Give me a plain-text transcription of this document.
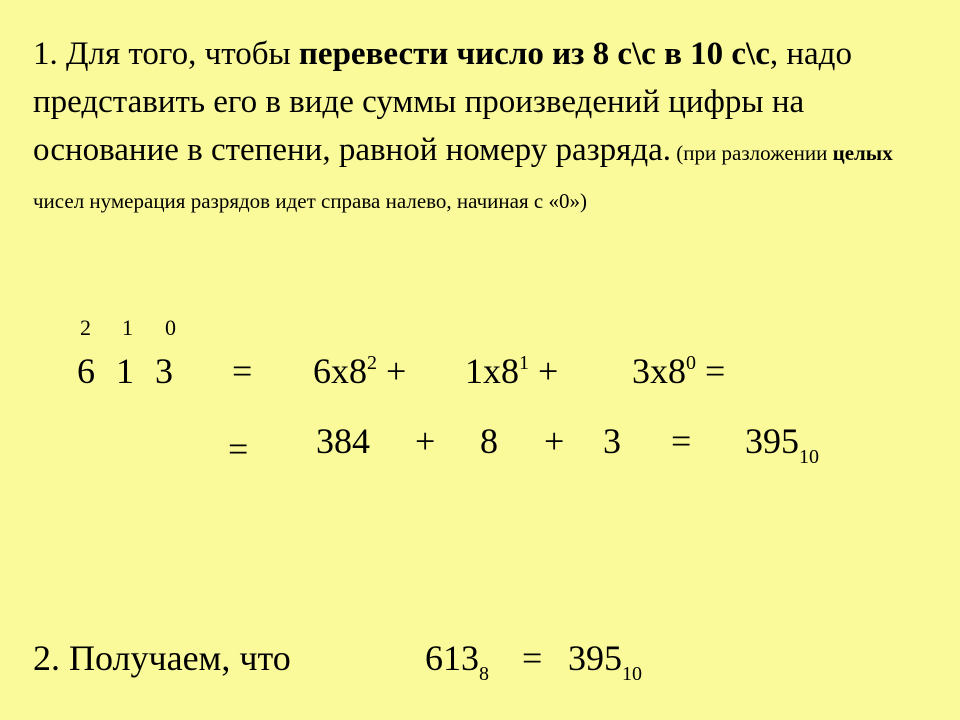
1. Для того, чтобы перевести число из 8 с\с в 10 с\с, надо представить его в виде суммы произведений цифры на основание в степени, равной номеру разряда. (при разложении целых чисел нумерация разрядов идет справа налево, начиная с «0»)
2 1 0
6 1 $3 = 6x8^2 + 1x8^1 + 3x8^0$ =
= $384 + 8 + 3 = 395_{10}$
2. Получаем, что	$613_8 = 395_{10}$
